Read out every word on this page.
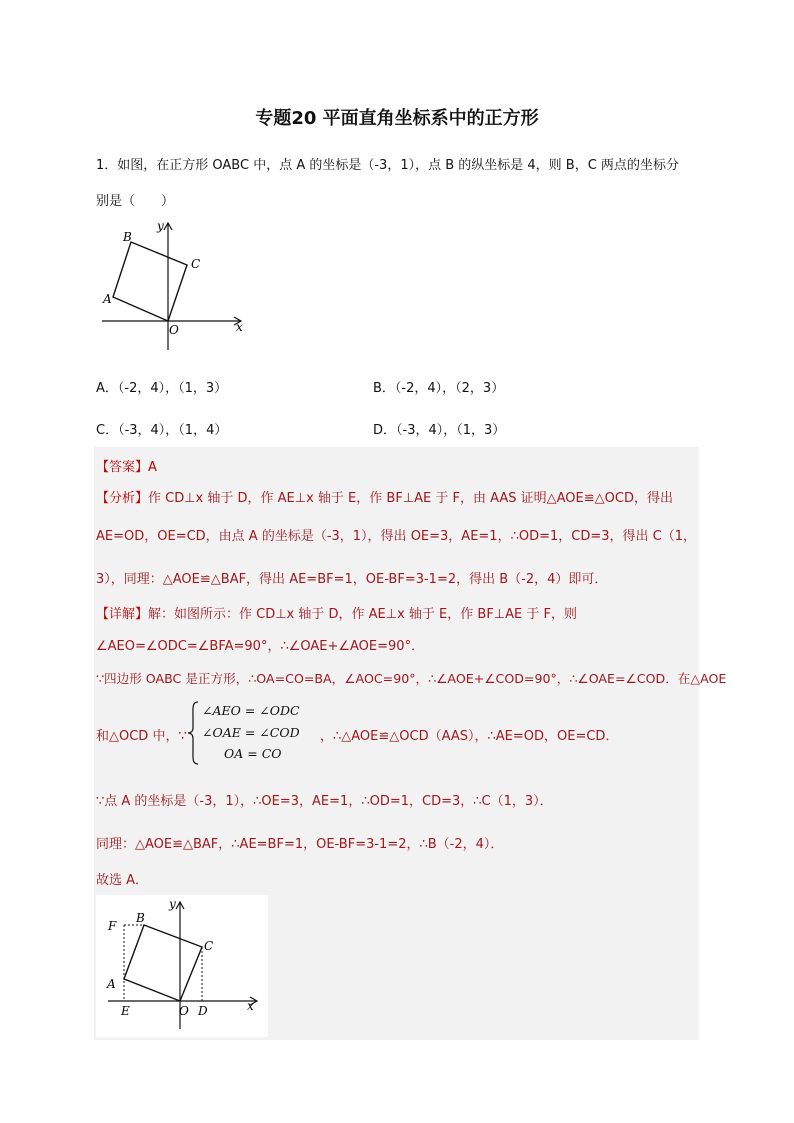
专题20 平面直角坐标系中的正方形
1．如图，在正方形 OABC 中，点 A 的坐标是（-3，1），点 B 的纵坐标是 4，则 B，C 两点的坐标分
别是（　　）
B
C
A
O	x
y
A．（-2，4），（1，3）	B．（-2，4），（2，3）
C．（-3，4），（1，4）	D．（-3，4），（1，3）
【答案】A
【分析】作 CD⊥x 轴于 D，作 AE⊥x 轴于 E，作 BF⊥AE 于 F，由 AAS 证明△AOE≌△OCD，得出
AE=OD，OE=CD，由点 A 的坐标是（-3，1），得出 OE=3，AE=1，∴OD=1，CD=3，得出 C（1，
3），同理：△AOE≌△BAF，得出 AE=BF=1，OE-BF=3-1=2，得出 B（-2，4）即可．
【详解】解：如图所示：作 CD⊥x 轴于 D，作 AE⊥x 轴于 E，作 BF⊥AE 于 F，则
∠AEO=∠ODC=∠BFA=90°，∴∠OAE+∠AOE=90°．
∵四边形 OABC 是正方形，∴OA=CO=BA，∠AOC=90°，∴∠AOE+∠COD=90°，∴∠OAE=∠COD．在△AOE
和△OCD 中，∵
∠AEO = ∠ODC
∠OAE = ∠COD
OA = CO
，∴△AOE≌△OCD（AAS），∴AE=OD，OE=CD．
∵点 A 的坐标是（-3，1），∴OE=3，AE=1，∴OD=1，CD=3，∴C（1，3）．
同理：△AOE≌△BAF，∴AE=BF=1，OE-BF=3-1=2，∴B（-2，4）．
故选 A．
F
B
C
A
E	O D	x
y
